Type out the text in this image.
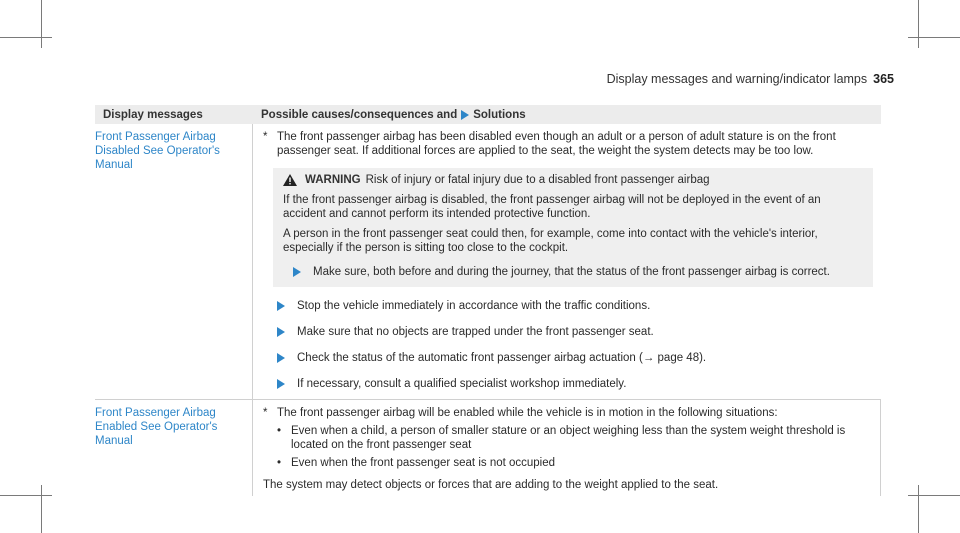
Display messages and warning/indicator lamps 365
Display messages	Possible causes/consequences and Solutions
Front Passenger Airbag Disabled See Operator's Manual
* The front passenger airbag has been disabled even though an adult or a person of adult stature is on the front passenger seat. If additional forces are applied to the seat, the weight the system detects may be too low.
WARNING Risk of injury or fatal injury due to a disabled front passenger airbag

If the front passenger airbag is disabled, the front passenger airbag will not be deployed in the event of an accident and cannot perform its intended protective function.

A person in the front passenger seat could then, for example, come into contact with the vehicle's interior, especially if the person is sitting too close to the cockpit.

Make sure, both before and during the journey, that the status of the front passenger airbag is correct.
Stop the vehicle immediately in accordance with the traffic conditions.
Make sure that no objects are trapped under the front passenger seat.
Check the status of the automatic front passenger airbag actuation (→ page 48).
If necessary, consult a qualified specialist workshop immediately.
Front Passenger Airbag Enabled See Operator's Manual
* The front passenger airbag will be enabled while the vehicle is in motion in the following situations:
• Even when a child, a person of smaller stature or an object weighing less than the system weight threshold is located on the front passenger seat
• Even when the front passenger seat is not occupied
The system may detect objects or forces that are adding to the weight applied to the seat.
